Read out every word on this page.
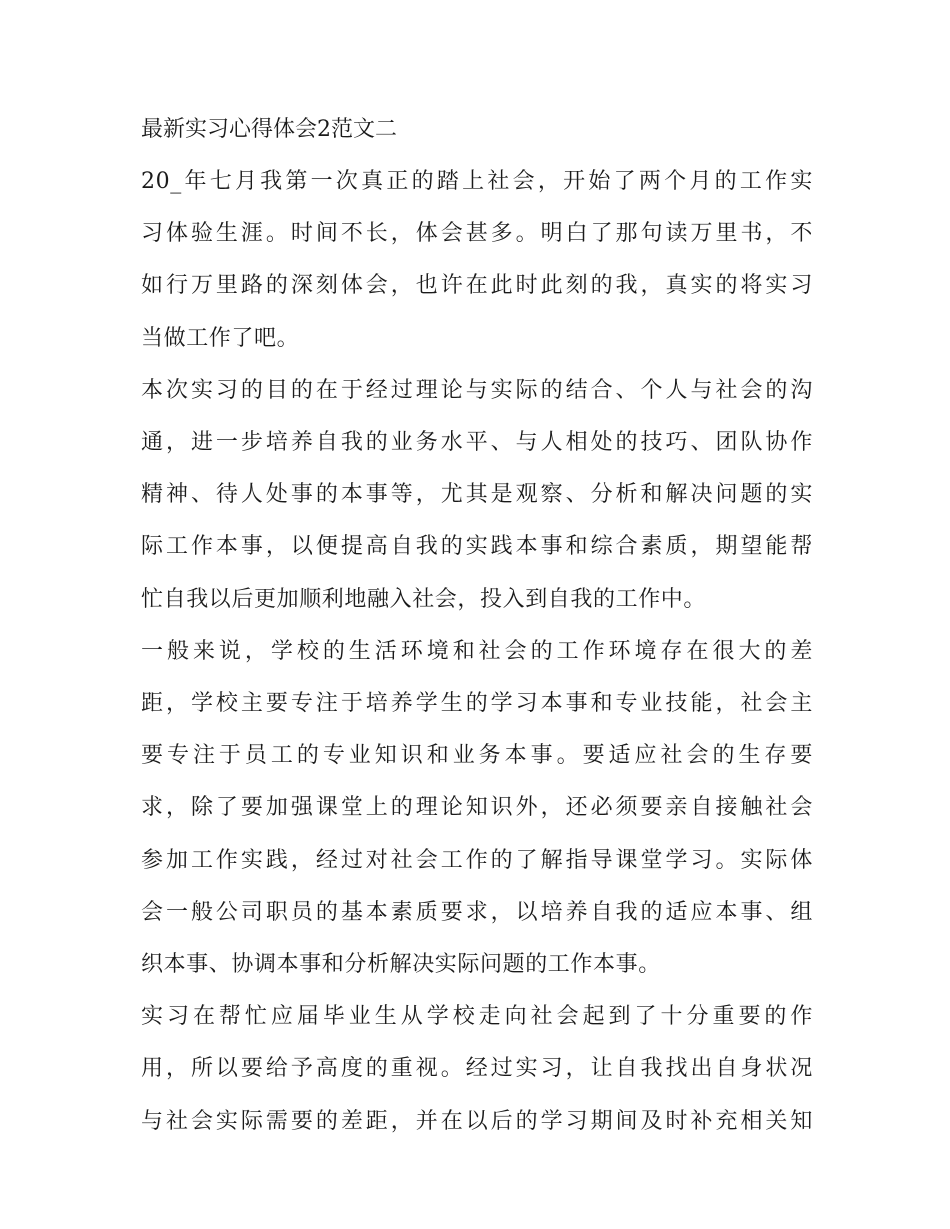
最新实习心得体会2范文二

20_年七月我第一次真正的踏上社会，开始了两个月的工作实
习体验生涯。时间不长，体会甚多。明白了那句读万里书，不
如行万里路的深刻体会，也许在此时此刻的我，真实的将实习
当做工作了吧。

本次实习的目的在于经过理论与实际的结合、个人与社会的沟
通，进一步培养自我的业务水平、与人相处的技巧、团队协作
精神、待人处事的本事等，尤其是观察、分析和解决问题的实
际工作本事，以便提高自我的实践本事和综合素质，期望能帮
忙自我以后更加顺利地融入社会，投入到自我的工作中。

一般来说，学校的生活环境和社会的工作环境存在很大的差
距，学校主要专注于培养学生的学习本事和专业技能，社会主
要专注于员工的专业知识和业务本事。要适应社会的生存要
求，除了要加强课堂上的理论知识外，还必须要亲自接触社会
参加工作实践，经过对社会工作的了解指导课堂学习。实际体
会一般公司职员的基本素质要求，以培养自我的适应本事、组
织本事、协调本事和分析解决实际问题的工作本事。

实习在帮忙应届毕业生从学校走向社会起到了十分重要的作
用，所以要给予高度的重视。经过实习，让自我找出自身状况
与社会实际需要的差距，并在以后的学习期间及时补充相关知
